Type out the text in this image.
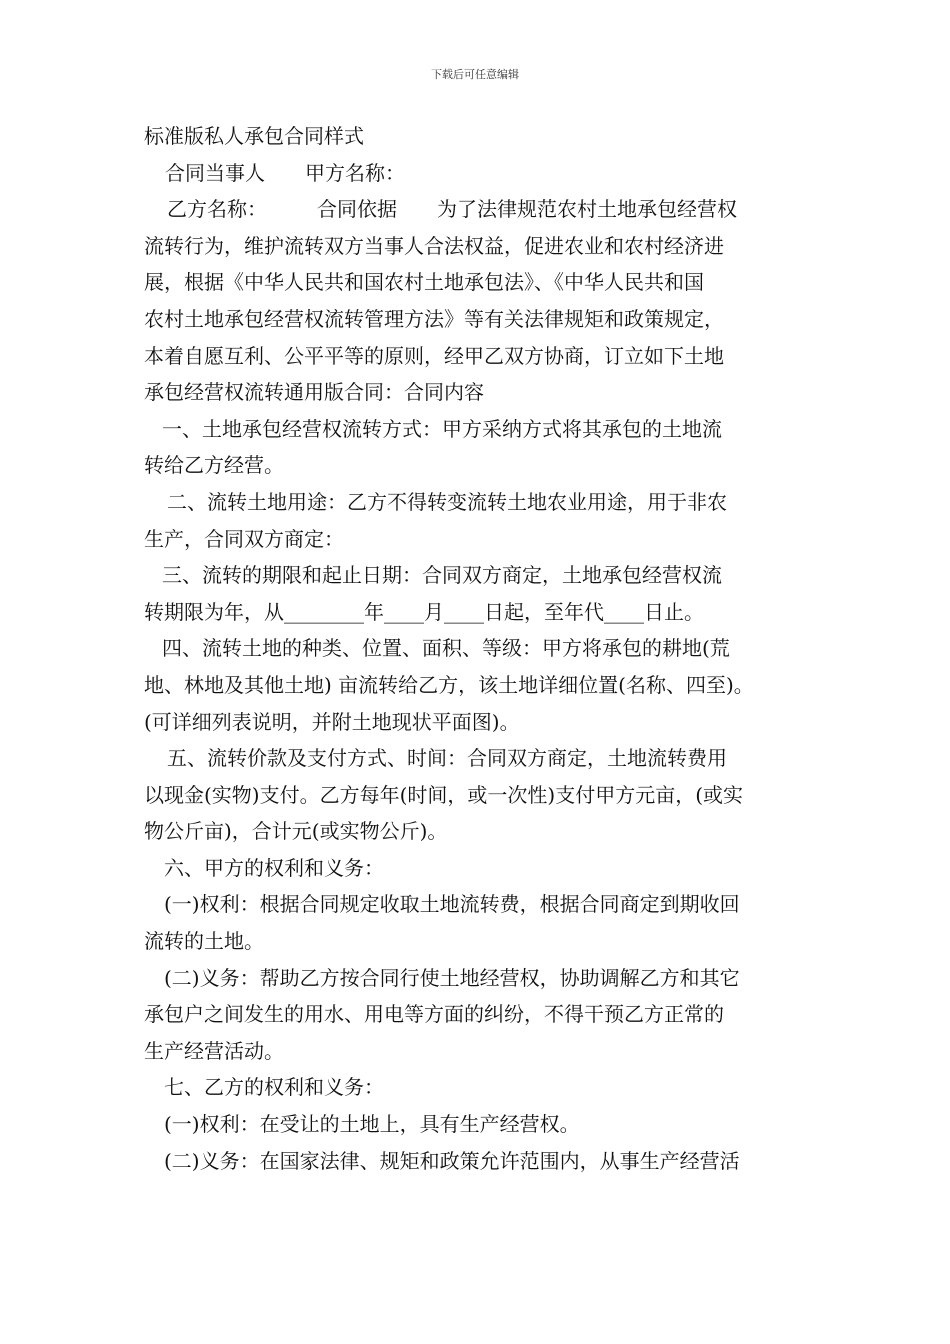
下载后可任意编辑
标准版私人承包合同样式
合同当事人　　甲方名称：
乙方名称：　　　合同依据　　为了法律规范农村土地承包经营权
流转行为，维护流转双方当事人合法权益，促进农业和农村经济进
展，根据《中华人民共和国农村土地承包法》、《中华人民共和国
农村土地承包经营权流转管理方法》等有关法律规矩和政策规定，
本着自愿互利、公平平等的原则，经甲乙双方协商，订立如下土地
承包经营权流转通用版合同：合同内容
一、土地承包经营权流转方式：甲方采纳方式将其承包的土地流
转给乙方经营。
二、流转土地用途：乙方不得转变流转土地农业用途，用于非农
生产，合同双方商定：
三、流转的期限和起止日期：合同双方商定，土地承包经营权流
转期限为年，从________年____月____日起，至年代____日止。
四、流转土地的种类、位置、面积、等级：甲方将承包的耕地(荒
地、林地及其他土地) 亩流转给乙方，该土地详细位置(名称、四至)。
(可详细列表说明，并附土地现状平面图)。
五、流转价款及支付方式、时间：合同双方商定，土地流转费用
以现金(实物)支付。乙方每年(时间，或一次性)支付甲方元亩，(或实
物公斤亩)，合计元(或实物公斤)。
六、甲方的权利和义务：
(一)权利：根据合同规定收取土地流转费，根据合同商定到期收回
流转的土地。
(二)义务：帮助乙方按合同行使土地经营权，协助调解乙方和其它
承包户之间发生的用水、用电等方面的纠纷，不得干预乙方正常的
生产经营活动。
七、乙方的权利和义务：
(一)权利：在受让的土地上，具有生产经营权。
(二)义务：在国家法律、规矩和政策允许范围内，从事生产经营活
